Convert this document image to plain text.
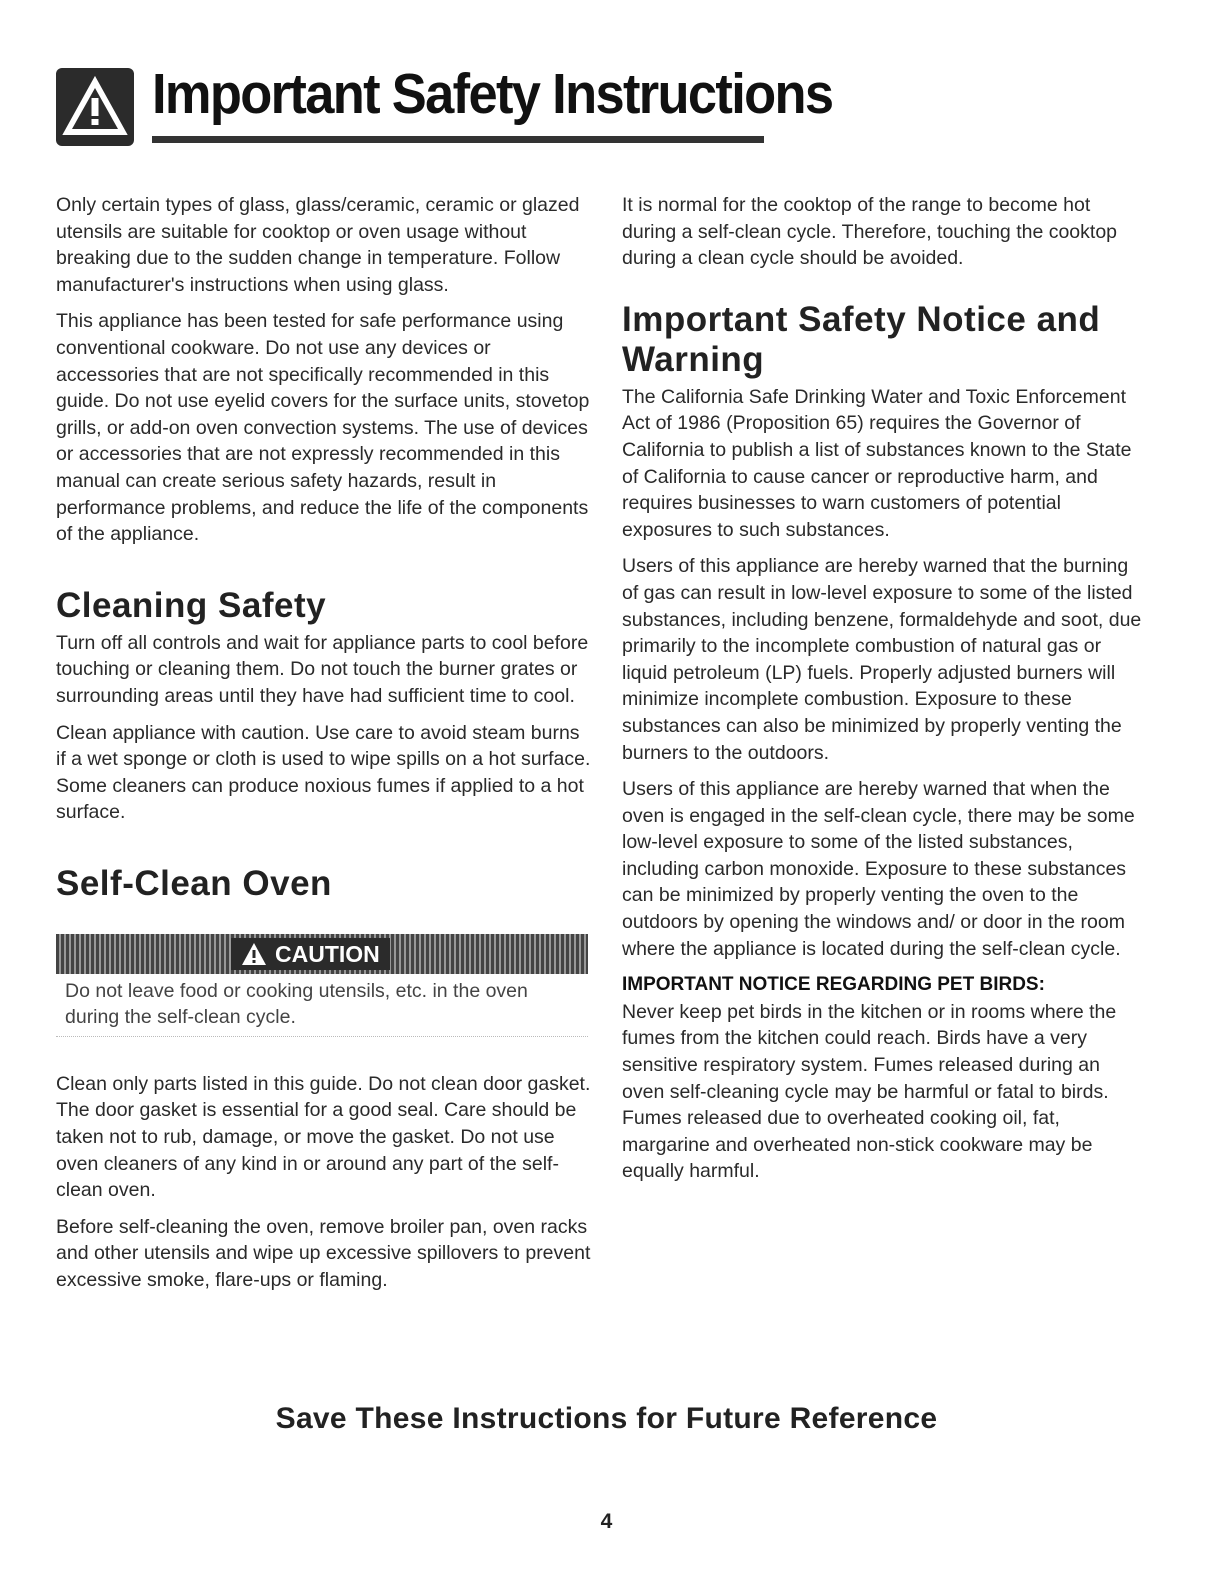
Important Safety Instructions

Only certain types of glass, glass/ceramic, ceramic or glazed utensils are suitable for cooktop or oven usage without breaking due to the sudden change in temperature. Follow manufacturer's instructions when using glass.

This appliance has been tested for safe performance using conventional cookware. Do not use any devices or accessories that are not specifically recommended in this guide. Do not use eyelid covers for the surface units, stovetop grills, or add-on oven convection systems. The use of devices or accessories that are not expressly recommended in this manual can create serious safety hazards, result in performance problems, and reduce the life of the components of the appliance.

Cleaning Safety

Turn off all controls and wait for appliance parts to cool before touching or cleaning them. Do not touch the burner grates or surrounding areas until they have had sufficient time to cool.

Clean appliance with caution. Use care to avoid steam burns if a wet sponge or cloth is used to wipe spills on a hot surface. Some cleaners can produce noxious fumes if applied to a hot surface.

Self-Clean Oven
CAUTION
Do not leave food or cooking utensils, etc. in the oven during the self-clean cycle.

Clean only parts listed in this guide. Do not clean door gasket. The door gasket is essential for a good seal. Care should be taken not to rub, damage, or move the gasket. Do not use oven cleaners of any kind in or around any part of the self-clean oven.

Before self-cleaning the oven, remove broiler pan, oven racks and other utensils and wipe up excessive spillovers to prevent excessive smoke, flare-ups or flaming.

It is normal for the cooktop of the range to become hot during a self-clean cycle. Therefore, touching the cooktop during a clean cycle should be avoided.

Important Safety Notice and Warning

The California Safe Drinking Water and Toxic Enforcement Act of 1986 (Proposition 65) requires the Governor of California to publish a list of substances known to the State of California to cause cancer or reproductive harm, and requires businesses to warn customers of potential exposures to such substances.

Users of this appliance are hereby warned that the burning of gas can result in low-level exposure to some of the listed substances, including benzene, formaldehyde and soot, due primarily to the incomplete combustion of natural gas or liquid petroleum (LP) fuels. Properly adjusted burners will minimize incomplete combustion. Exposure to these substances can also be minimized by properly venting the burners to the outdoors.

Users of this appliance are hereby warned that when the oven is engaged in the self-clean cycle, there may be some low-level exposure to some of the listed substances, including carbon monoxide. Exposure to these substances can be minimized by properly venting the oven to the outdoors by opening the windows and/ or door in the room where the appliance is located during the self-clean cycle.

IMPORTANT NOTICE REGARDING PET BIRDS:

Never keep pet birds in the kitchen or in rooms where the fumes from the kitchen could reach. Birds have a very sensitive respiratory system. Fumes released during an oven self-cleaning cycle may be harmful or fatal to birds. Fumes released due to overheated cooking oil, fat, margarine and overheated non-stick cookware may be equally harmful.

Save These Instructions for Future Reference
4
